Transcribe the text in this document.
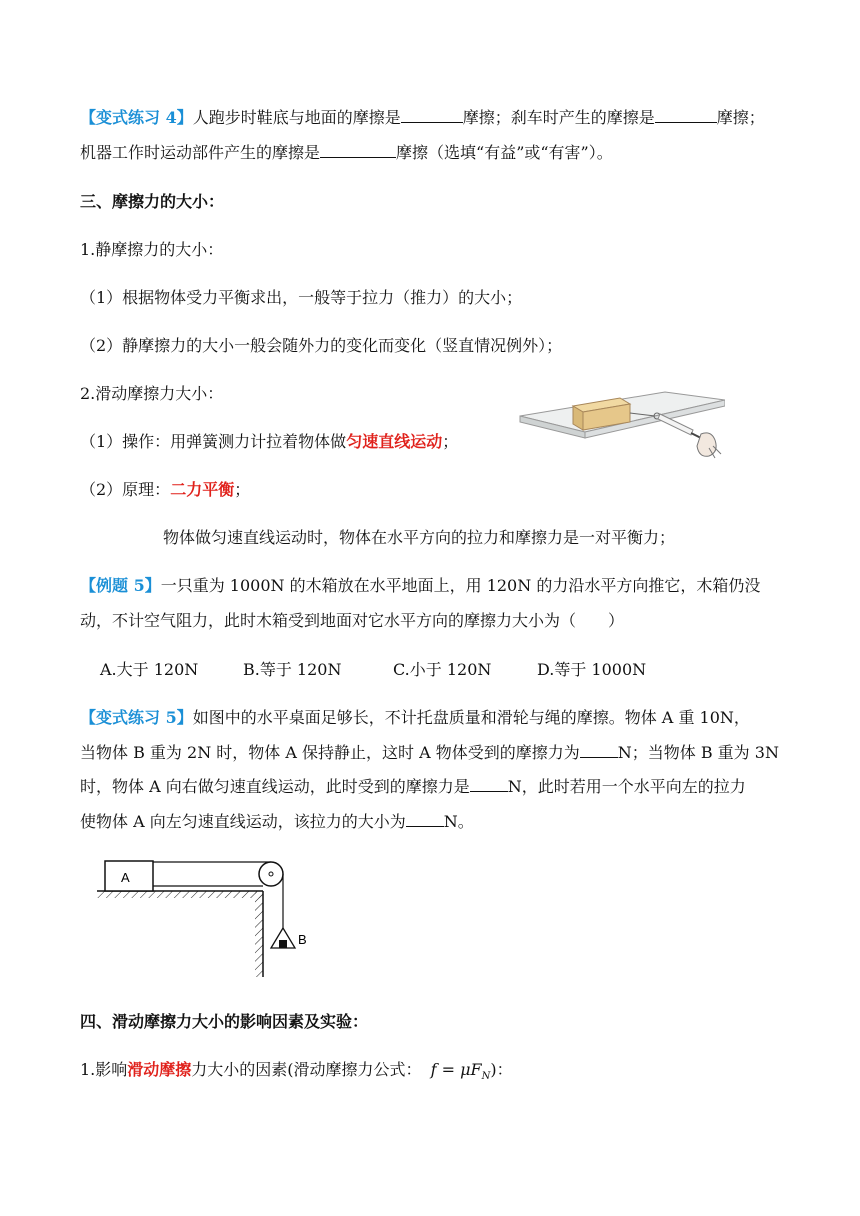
【变式练习 4】人跑步时鞋底与地面的摩擦是	摩擦；刹车时产生的摩擦是	摩擦；
机器工作时运动部件产生的摩擦是	摩擦（选填“有益”或“有害”）。
三、摩擦力的大小：
1.静摩擦力的大小：
（1）根据物体受力平衡求出，一般等于拉力（推力）的大小；
（2）静摩擦力的大小一般会随外力的变化而变化（竖直情况例外）；
2.滑动摩擦力大小：
（1）操作：用弹簧测力计拉着物体做匀速直线运动；
（2）原理：二力平衡；
物体做匀速直线运动时，物体在水平方向的拉力和摩擦力是一对平衡力；
【例题 5】一只重为 1000N 的木箱放在水平地面上，用 120N 的力沿水平方向推它，木箱仍没
动，不计空气阻力，此时木箱受到地面对它水平方向的摩擦力大小为（　　）
A.大于 120N	B.等于 120N	C.小于 120N	D.等于 1000N
【变式练习 5】如图中的水平桌面足够长，不计托盘质量和滑轮与绳的摩擦。物体 A 重 10N，
当物体 B 重为 2N 时，物体 A 保持静止，这时 A 物体受到的摩擦力为 N；当物体 B 重为 3N
时，物体 A 向右做匀速直线运动，此时受到的摩擦力是 N，此时若用一个水平向左的拉力
使物体 A 向左匀速直线运动，该拉力的大小为 N。
A
B
四、滑动摩擦力大小的影响因素及实验：
1.影响滑动摩擦力大小的因素(滑动摩擦力公式： $f = \mu F_N$)：
